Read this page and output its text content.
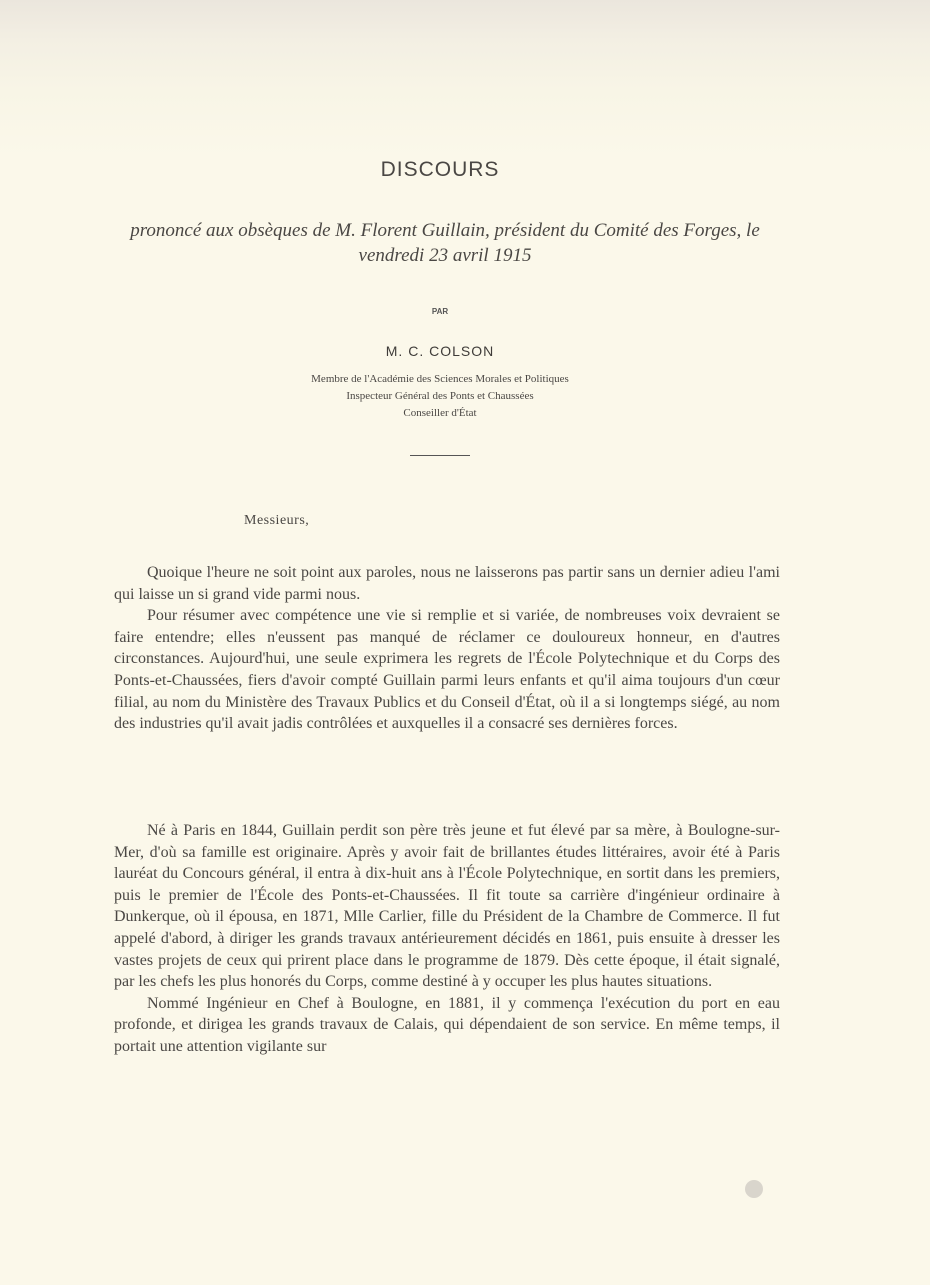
DISCOURS
prononcé aux obsèques de M. Florent Guillain, président du Comité des Forges, le vendredi 23 avril 1915
PAR
M. C. COLSON
Membre de l'Académie des Sciences Morales et Politiques
Inspecteur Général des Ponts et Chaussées
Conseiller d'État
Messieurs,

Quoique l'heure ne soit point aux paroles, nous ne laisserons pas partir sans un dernier adieu l'ami qui laisse un si grand vide parmi nous.

Pour résumer avec compétence une vie si remplie et si variée, de nombreuses voix devraient se faire entendre; elles n'eussent pas manqué de réclamer ce douloureux honneur, en d'autres circonstances. Aujourd'hui, une seule exprimera les regrets de l'École Polytechnique et du Corps des Ponts-et-Chaussées, fiers d'avoir compté Guillain parmi leurs enfants et qu'il aima toujours d'un cœur filial, au nom du Ministère des Travaux Publics et du Conseil d'État, où il a si longtemps siégé, au nom des industries qu'il avait jadis contrôlées et auxquelles il a consacré ses dernières forces.

Né à Paris en 1844, Guillain perdit son père très jeune et fut élevé par sa mère, à Boulogne-sur-Mer, d'où sa famille est originaire. Après y avoir fait de brillantes études littéraires, avoir été à Paris lauréat du Concours général, il entra à dix-huit ans à l'École Polytechnique, en sortit dans les premiers, puis le premier de l'École des Ponts-et-Chaussées. Il fit toute sa carrière d'ingénieur ordinaire à Dunkerque, où il épousa, en 1871, Mlle Carlier, fille du Président de la Chambre de Commerce. Il fut appelé d'abord, à diriger les grands travaux antérieurement décidés en 1861, puis ensuite à dresser les vastes projets de ceux qui prirent place dans le programme de 1879. Dès cette époque, il était signalé, par les chefs les plus honorés du Corps, comme destiné à y occuper les plus hautes situations.

Nommé Ingénieur en Chef à Boulogne, en 1881, il y commença l'exécution du port en eau profonde, et dirigea les grands travaux de Calais, qui dépendaient de son service. En même temps, il portait une attention vigilante sur
